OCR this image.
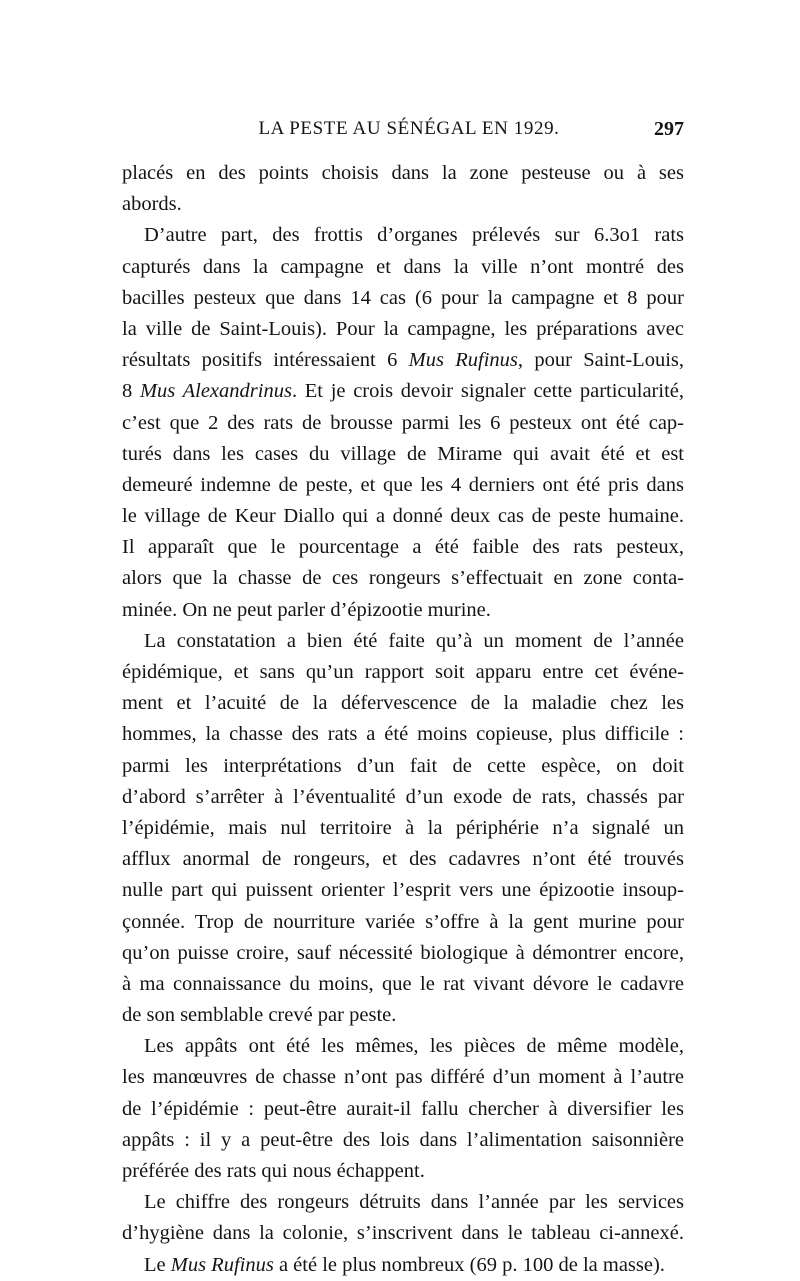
LA PESTE AU SÉNÉGAL EN 1929.	297
placés en des points choisis dans la zone pesteuse ou à ses
abords.
D’autre part, des frottis d’organes prélevés sur 6.3o1 rats
capturés dans la campagne et dans la ville n’ont montré des
bacilles pesteux que dans 14 cas (6 pour la campagne et 8 pour
la ville de Saint-Louis). Pour la campagne, les préparations avec
résultats positifs intéressaient 6 Mus Rufinus, pour Saint-Louis,
8 Mus Alexandrinus. Et je crois devoir signaler cette particularité,
c’est que 2 des rats de brousse parmi les 6 pesteux ont été cap-
turés dans les cases du village de Mirame qui avait été et est
demeuré indemne de peste, et que les 4 derniers ont été pris dans
le village de Keur Diallo qui a donné deux cas de peste humaine.
Il apparaît que le pourcentage a été faible des rats pesteux,
alors que la chasse de ces rongeurs s’effectuait en zone conta-
minée. On ne peut parler d’épizootie murine.
La constatation a bien été faite qu’à un moment de l’année
épidémique, et sans qu’un rapport soit apparu entre cet événe-
ment et l’acuité de la défervescence de la maladie chez les
hommes, la chasse des rats a été moins copieuse, plus difficile :
parmi les interprétations d’un fait de cette espèce, on doit
d’abord s’arrêter à l’éventualité d’un exode de rats, chassés par
l’épidémie, mais nul territoire à la périphérie n’a signalé un
afflux anormal de rongeurs, et des cadavres n’ont été trouvés
nulle part qui puissent orienter l’esprit vers une épizootie insoup-
çonnée. Trop de nourriture variée s’offre à la gent murine pour
qu’on puisse croire, sauf nécessité biologique à démontrer encore,
à ma connaissance du moins, que le rat vivant dévore le cadavre
de son semblable crevé par peste.
Les appâts ont été les mêmes, les pièces de même modèle,
les manœuvres de chasse n’ont pas différé d’un moment à l’autre
de l’épidémie : peut-être aurait-il fallu chercher à diversifier les
appâts : il y a peut-être des lois dans l’alimentation saisonnière
préférée des rats qui nous échappent.
Le chiffre des rongeurs détruits dans l’année par les services
d’hygiène dans la colonie, s’inscrivent dans le tableau ci-annexé.
Le Mus Rufinus a été le plus nombreux (69 p. 100 de la masse).
